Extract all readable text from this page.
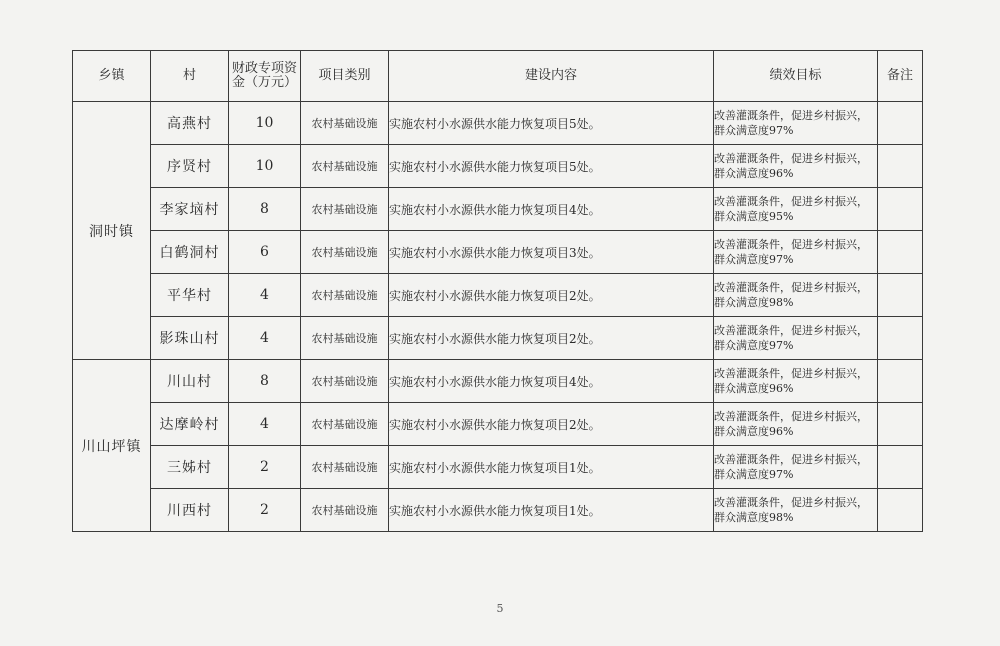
乡镇	村	财政专项资金（万元）	项目类别	建设内容	绩效目标	备注
洞时镇	高燕村	10	农村基础设施	实施农村小水源供水能力恢复项目5处。	改善灌溉条件，促进乡村振兴，群众满意度97%	
	序贤村	10	农村基础设施	实施农村小水源供水能力恢复项目5处。	改善灌溉条件，促进乡村振兴，群众满意度96%	
	李家垴村	8	农村基础设施	实施农村小水源供水能力恢复项目4处。	改善灌溉条件，促进乡村振兴，群众满意度95%	
	白鹤洞村	6	农村基础设施	实施农村小水源供水能力恢复项目3处。	改善灌溉条件，促进乡村振兴，群众满意度97%	
	平华村	4	农村基础设施	实施农村小水源供水能力恢复项目2处。	改善灌溉条件，促进乡村振兴，群众满意度98%	
	影珠山村	4	农村基础设施	实施农村小水源供水能力恢复项目2处。	改善灌溉条件，促进乡村振兴，群众满意度97%	
川山坪镇	川山村	8	农村基础设施	实施农村小水源供水能力恢复项目4处。	改善灌溉条件，促进乡村振兴，群众满意度96%	
	达摩岭村	4	农村基础设施	实施农村小水源供水能力恢复项目2处。	改善灌溉条件，促进乡村振兴，群众满意度96%	
	三姊村	2	农村基础设施	实施农村小水源供水能力恢复项目1处。	改善灌溉条件，促进乡村振兴，群众满意度97%	
	川西村	2	农村基础设施	实施农村小水源供水能力恢复项目1处。	改善灌溉条件，促进乡村振兴，群众满意度98%	
5
